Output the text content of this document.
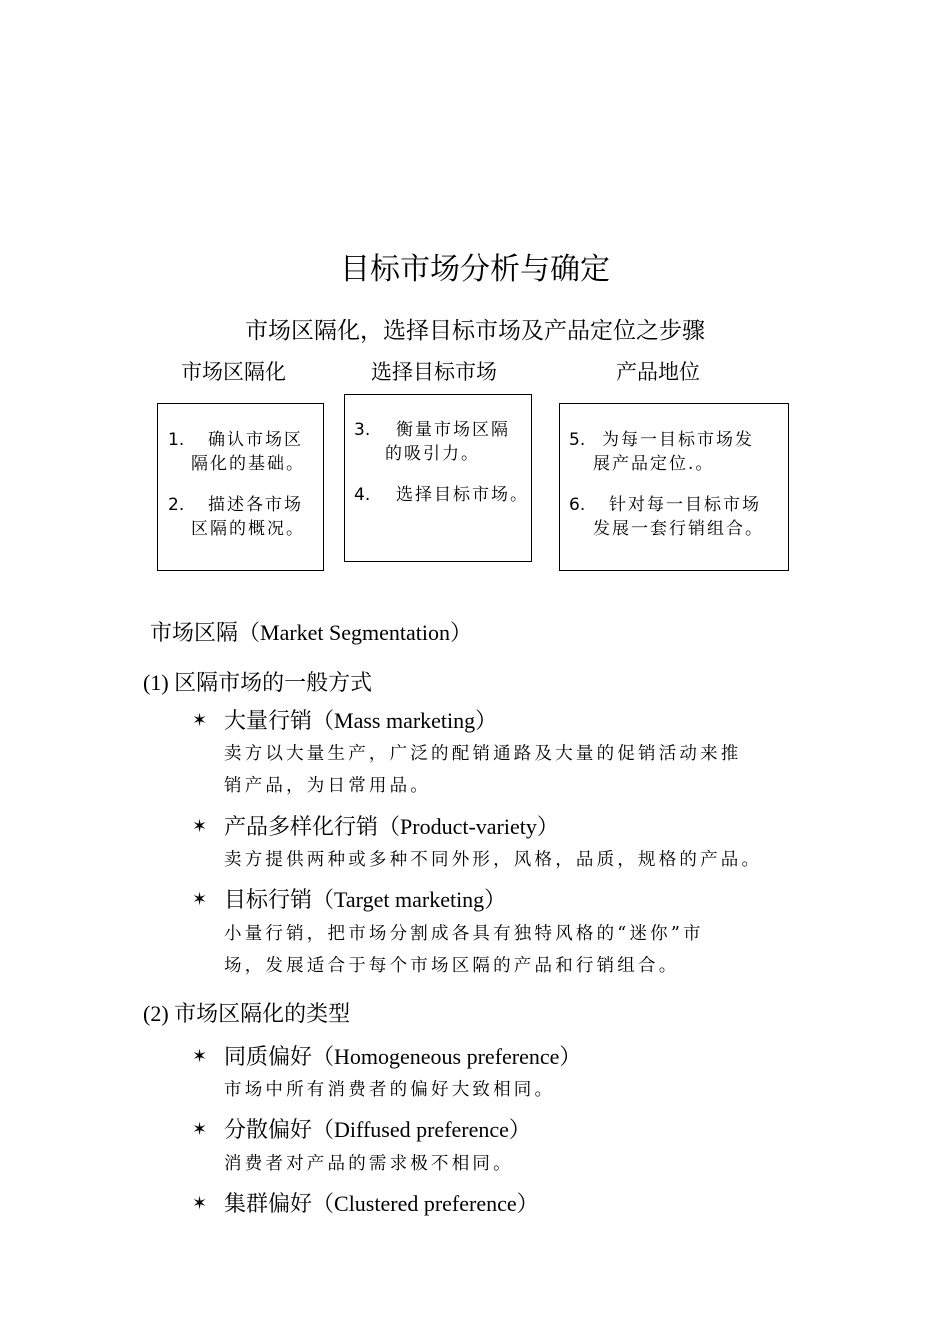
目标市场分析与确定
市场区隔化，选择目标市场及产品定位之步骤
市场区隔化	选择目标市场	产品地位
1. 确认市场区
隔化的基础。
2. 描述各市场
区隔的概况。
3. 衡量市场区隔
的吸引力。
4. 选择目标市场。
5. 为每一目标市场发
展产品定位.。
6. 针对每一目标市场
发展一套行销组合。
市场区隔（Market Segmentation）
(1) 区隔市场的一般方式
✶ 大量行销（Mass marketing）
卖方以大量生产，广泛的配销通路及大量的促销活动来推
销产品，为日常用品。
✶ 产品多样化行销（Product-variety）
卖方提供两种或多种不同外形，风格，品质，规格的产品。
✶ 目标行销（Target marketing）
小量行销，把市场分割成各具有独特风格的“迷你”市
场，发展适合于每个市场区隔的产品和行销组合。
(2) 市场区隔化的类型
✶ 同质偏好（Homogeneous preference）
市场中所有消费者的偏好大致相同。
✶ 分散偏好（Diffused preference）
消费者对产品的需求极不相同。
✶ 集群偏好（Clustered preference）
